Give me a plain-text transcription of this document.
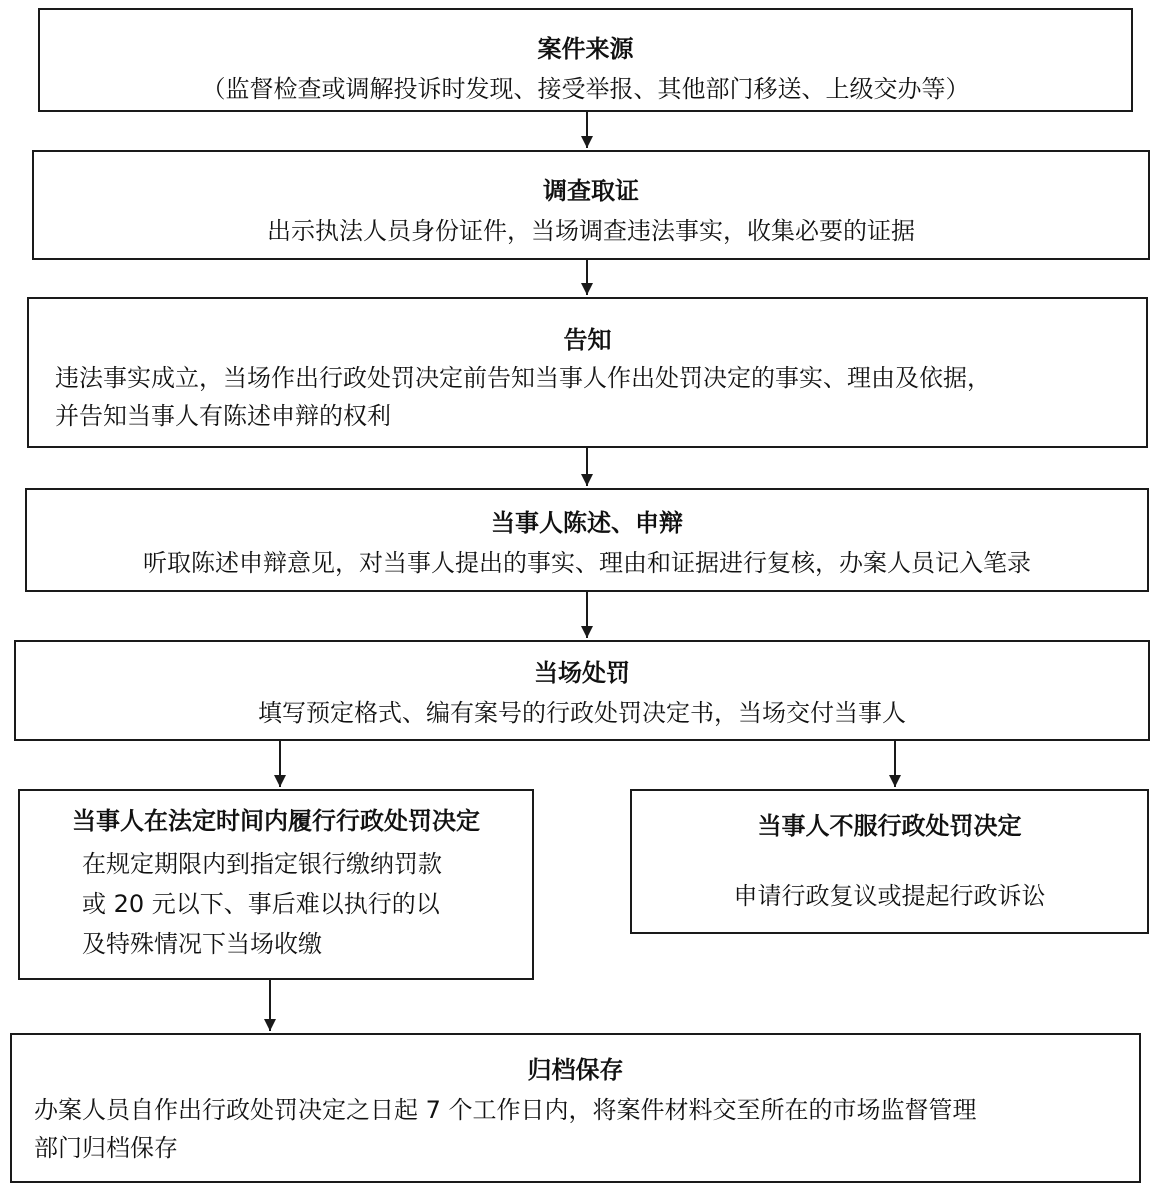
案件来源
（监督检查或调解投诉时发现、接受举报、其他部门移送、上级交办等）
调查取证
出示执法人员身份证件，当场调查违法事实，收集必要的证据
告知
违法事实成立，当场作出行政处罚决定前告知当事人作出处罚决定的事实、理由及依据，
并告知当事人有陈述申辩的权利
当事人陈述、申辩
听取陈述申辩意见，对当事人提出的事实、理由和证据进行复核，办案人员记入笔录
当场处罚
填写预定格式、编有案号的行政处罚决定书，当场交付当事人
当事人在法定时间内履行行政处罚决定
在规定期限内到指定银行缴纳罚款
或 20 元以下、事后难以执行的以
及特殊情况下当场收缴
当事人不服行政处罚决定
申请行政复议或提起行政诉讼
归档保存
办案人员自作出行政处罚决定之日起 7 个工作日内，将案件材料交至所在的市场监督管理
部门归档保存
